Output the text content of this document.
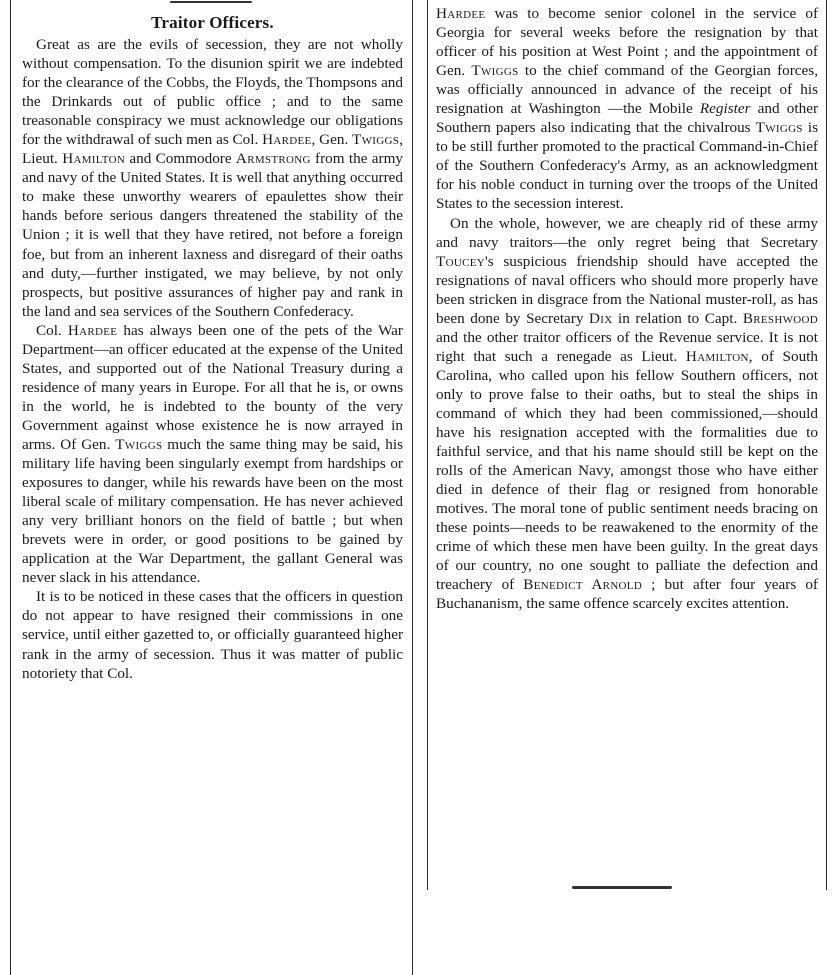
Traitor Officers.

Great as are the evils of secession, they are not wholly without compensation. To the disunion spirit we are indebted for the clearance of the Cobbs, the Floyds, the Thompsons and the Drinkards out of public office ; and to the same treasonable conspiracy we must acknowledge our obligations for the withdrawal of such men as Col. Hardee, Gen. Twiggs, Lieut. Hamilton and Commodore Armstrong from the army and navy of the United States. It is well that anything occurred to make these unworthy wearers of epaulettes show their hands before serious dangers threatened the stability of the Union ; it is well that they have retired, not before a foreign foe, but from an inherent laxness and disregard of their oaths and duty,—further instigated, we may believe, by not only prospects, but positive assurances of higher pay and rank in the land and sea services of the Southern Confederacy.

Col. Hardee has always been one of the pets of the War Department—an officer educated at the expense of the United States, and supported out of the National Treasury during a residence of many years in Europe. For all that he is, or owns in the world, he is indebted to the bounty of the very Government against whose existence he is now arrayed in arms. Of Gen. Twiggs much the same thing may be said, his military life having been singularly exempt from hardships or exposures to danger, while his rewards have been on the most liberal scale of military compensation. He has never achieved any very brilliant honors on the field of battle ; but when brevets were in order, or good positions to be gained by application at the War Department, the gallant General was never slack in his attendance.

It is to be noticed in these cases that the officers in question do not appear to have resigned their commissions in one service, until either gazetted to, or officially guaranteed higher rank in the army of secession. Thus it was matter of public notoriety that Col.

Hardee was to become senior colonel in the service of Georgia for several weeks before the resignation by that officer of his position at West Point ; and the appointment of Gen. Twiggs to the chief command of the Georgian forces, was officially announced in advance of the receipt of his resignation at Washington —the Mobile Register and other Southern papers also indicating that the chivalrous Twiggs is to be still further promoted to the practical Command-in-Chief of the Southern Confederacy's Army, as an acknowledgment for his noble conduct in turning over the troops of the United States to the secession interest.

On the whole, however, we are cheaply rid of these army and navy traitors—the only regret being that Secretary Toucey's suspicious friendship should have accepted the resignations of naval officers who should more properly have been stricken in disgrace from the National muster-roll, as has been done by Secretary Dix in relation to Capt. Breshwood and the other traitor officers of the Revenue service. It is not right that such a renegade as Lieut. Hamilton, of South Carolina, who called upon his fellow Southern officers, not only to prove false to their oaths, but to steal the ships in command of which they had been commissioned,—should have his resignation accepted with the formalities due to faithful service, and that his name should still be kept on the rolls of the American Navy, amongst those who have either died in defence of their flag or resigned from honorable motives. The moral tone of public sentiment needs bracing on these points—needs to be reawakened to the enormity of the crime of which these men have been guilty. In the great days of our country, no one sought to palliate the defection and treachery of Benedict Arnold ; but after four years of Buchananism, the same offence scarcely excites attention.
